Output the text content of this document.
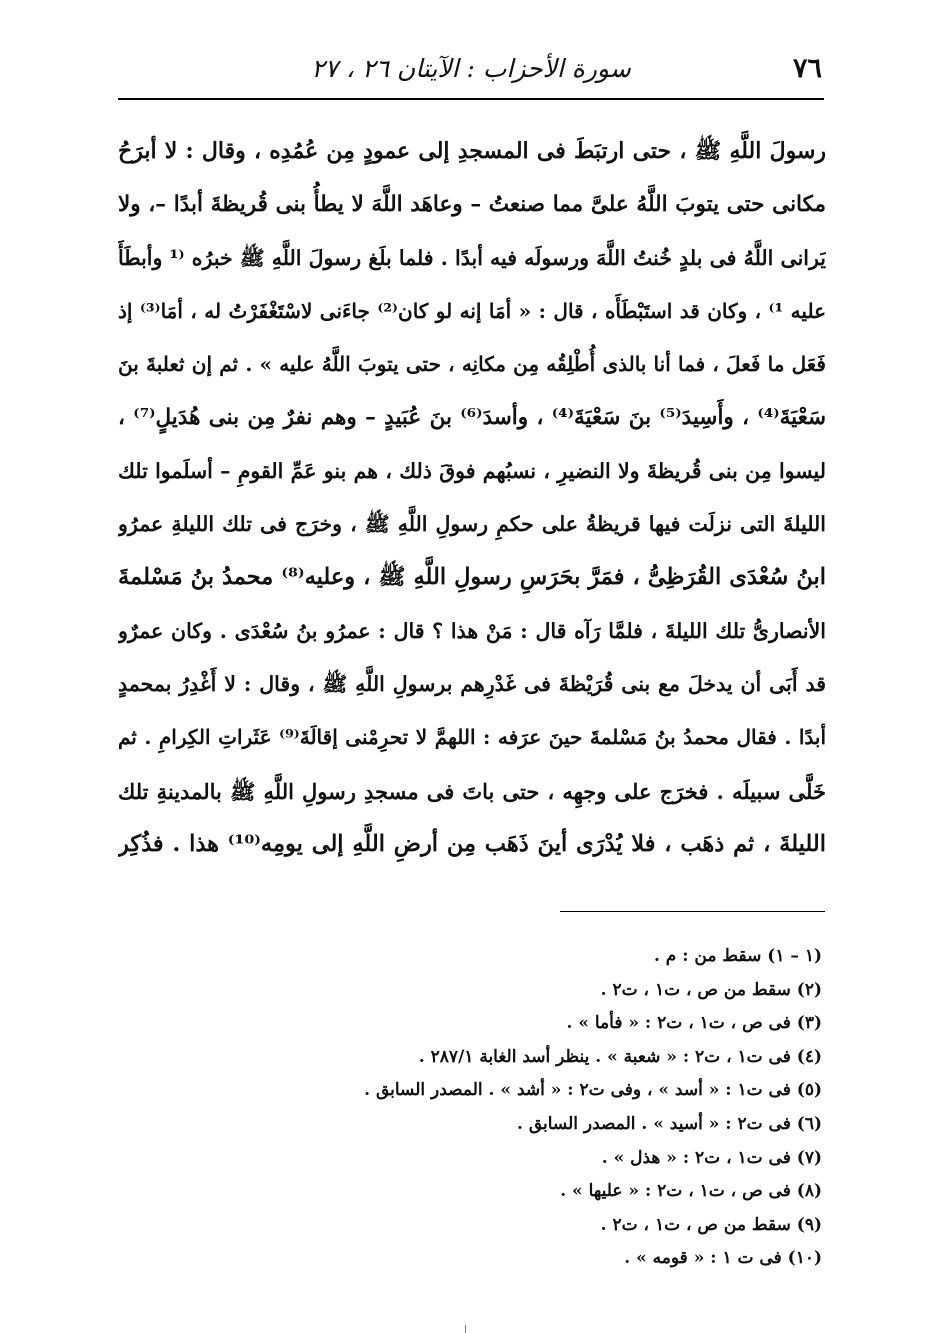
٧٦
سورة الأحزاب : الآيتان ٢٦ ، ٢٧
رسولَ اللَّهِ ﷺ ، حتى ارتبَطَ فى المسجدِ إلى عمودٍ مِن عُمُدِه ، وقال : لا أبرَحُ
مكانى حتى يتوبَ اللَّهُ علىَّ مما صنعتُ – وعاهَد اللَّهَ لا يطأُ بنى قُريظةَ أبدًا –، ولا
يَرانى اللَّهُ فى بلدٍ خُنتُ اللَّهَ ورسولَه فيه أبدًا . فلما بلَغ رسولَ اللَّهِ ﷺ خبرُه ⁽¹ وأبطَأَ
عليه ¹⁾ ، وكان قد استَبْطَأَه ، قال : « أمَا إنه لو كان⁽²⁾ جاءَنى لاسْتَغْفَرْتُ له ، أمَا⁽³⁾ إذ
فَعَل ما فَعلَ ، فما أنا بالذى أُطْلِقُه مِن مكانِه ، حتى يتوبَ اللَّهُ عليه » . ثم إن ثعلبةَ بنَ
سَعْيَةَ⁽⁴⁾ ، وأَسِيدَ⁽⁵⁾ بنَ سَعْيَةَ⁽⁴⁾ ، وأسدَ⁽⁶⁾ بنَ عُبَيدٍ – وهم نفرٌ مِن بنى هُدَيلٍ⁽⁷⁾ ،
ليسوا مِن بنى قُريظةَ ولا النضيرِ ، نسبُهم فوقَ ذلك ، هم بنو عَمِّ القومِ – أسلَموا تلك
الليلةَ التى نزلَت فيها قريظةُ على حكمِ رسولِ اللَّهِ ﷺ ، وخرَج فى تلك الليلةِ عمرُو
ابنُ سُعْدَى القُرَظِىُّ ، فمَرَّ بحَرَسِ رسولِ اللَّهِ ﷺ ، وعليه⁽⁸⁾ محمدُ بنُ مَسْلمةَ
الأنصارىُّ تلك الليلةَ ، فلمَّا رَآه قال : مَنْ هذا ؟ قال : عمرُو بنُ سُعْدَى . وكان عمرٌو
قد أَبَى أن يدخلَ مع بنى قُرَيْظةَ فى غَدْرِهم برسولِ اللَّهِ ﷺ ، وقال : لا أَغْدِرُ بمحمدٍ
أبدًا . فقال محمدُ بنُ مَسْلمةَ حينَ عرَفه : اللهمَّ لا تحرِمْنى إقالَةَ⁽⁹⁾ عَثَراتِ الكِرامِ . ثم
خَلَّى سبيلَه . فخرَج على وجهِه ، حتى باتَ فى مسجدِ رسولِ اللَّهِ ﷺ بالمدينةِ تلك
الليلةَ ، ثم ذهَب ، فلا يُدْرَى أينَ ذَهَب مِن أرضِ اللَّهِ إلى يومِه⁽¹⁰⁾ هذا . فذُكِر
(١ – ١) سقط من : م .
(٢) سقط من ص ، ت١ ، ت٢ .
(٣) فى ص ، ت١ ، ت٢ : « فأما » .
(٤) فى ت١ ، ت٢ : « شعبة » . ينظر أسد الغابة ٢٨٧/١ .
(٥) فى ت١ : « أسد » ، وفى ت٢ : « أشد » . المصدر السابق .
(٦) فى ت٢ : « أسيد » . المصدر السابق .
(٧) فى ت١ ، ت٢ : « هذل » .
(٨) فى ص ، ت١ ، ت٢ : « عليها » .
(٩) سقط من ص ، ت١ ، ت٢ .
(١٠) فى ت ١ : « قومه » .
